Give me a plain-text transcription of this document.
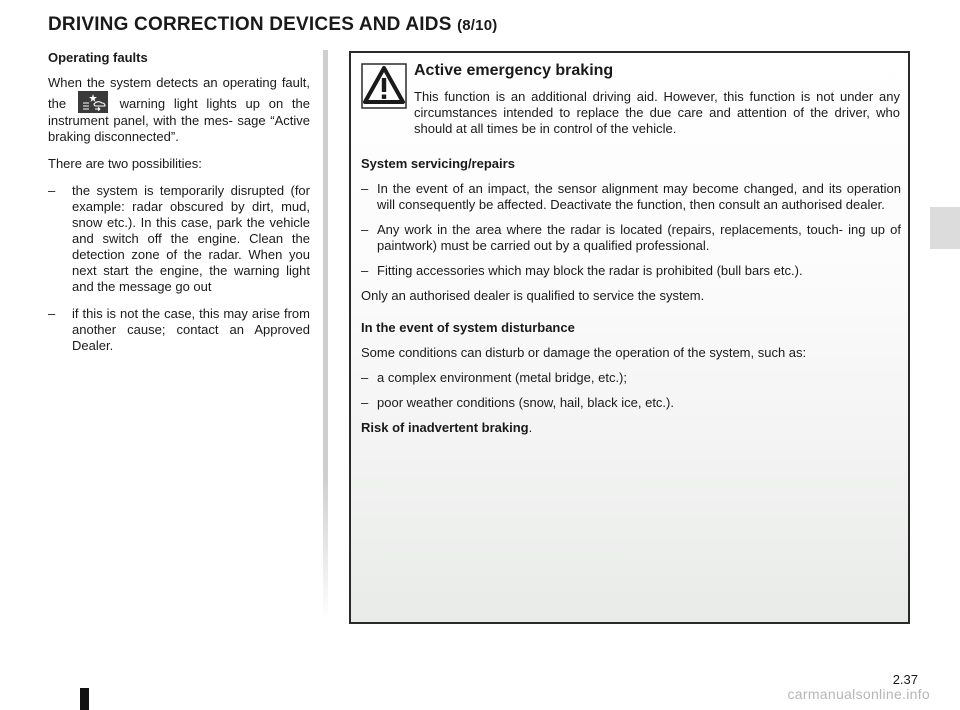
DRIVING CORRECTION DEVICES AND AIDS (8/10)

Operating faults

When the system detects an operating fault, the	warning light lights up on the instrument panel, with the mes- sage “Active braking disconnected”.

There are two possibilities:

– the system is temporarily disrupted (for example: radar obscured by dirt, mud, snow etc.). In this case, park the vehicle and switch off the engine. Clean the detection zone of the radar. When you next start the engine, the warning light and the message go out
– if this is not the case, this may arise from another cause; contact an Approved Dealer.
Active emergency braking

This function is an additional driving aid. However, this function is not under any circumstances intended to replace the due care and attention of the driver, who should at all times be in control of the vehicle.

System servicing/repairs

– In the event of an impact, the sensor alignment may become changed, and its operation will consequently be affected. Deactivate the function, then consult an authorised dealer.
– Any work in the area where the radar is located (repairs, replacements, touch- ing up of paintwork) must be carried out by a qualified professional.
– Fitting accessories which may block the radar is prohibited (bull bars etc.).

Only an authorised dealer is qualified to service the system.

In the event of system disturbance

Some conditions can disturb or damage the operation of the system, such as:

– a complex environment (metal bridge, etc.);
– poor weather conditions (snow, hail, black ice, etc.).

Risk of inadvertent braking.

2.37
carmanualsonline.info
